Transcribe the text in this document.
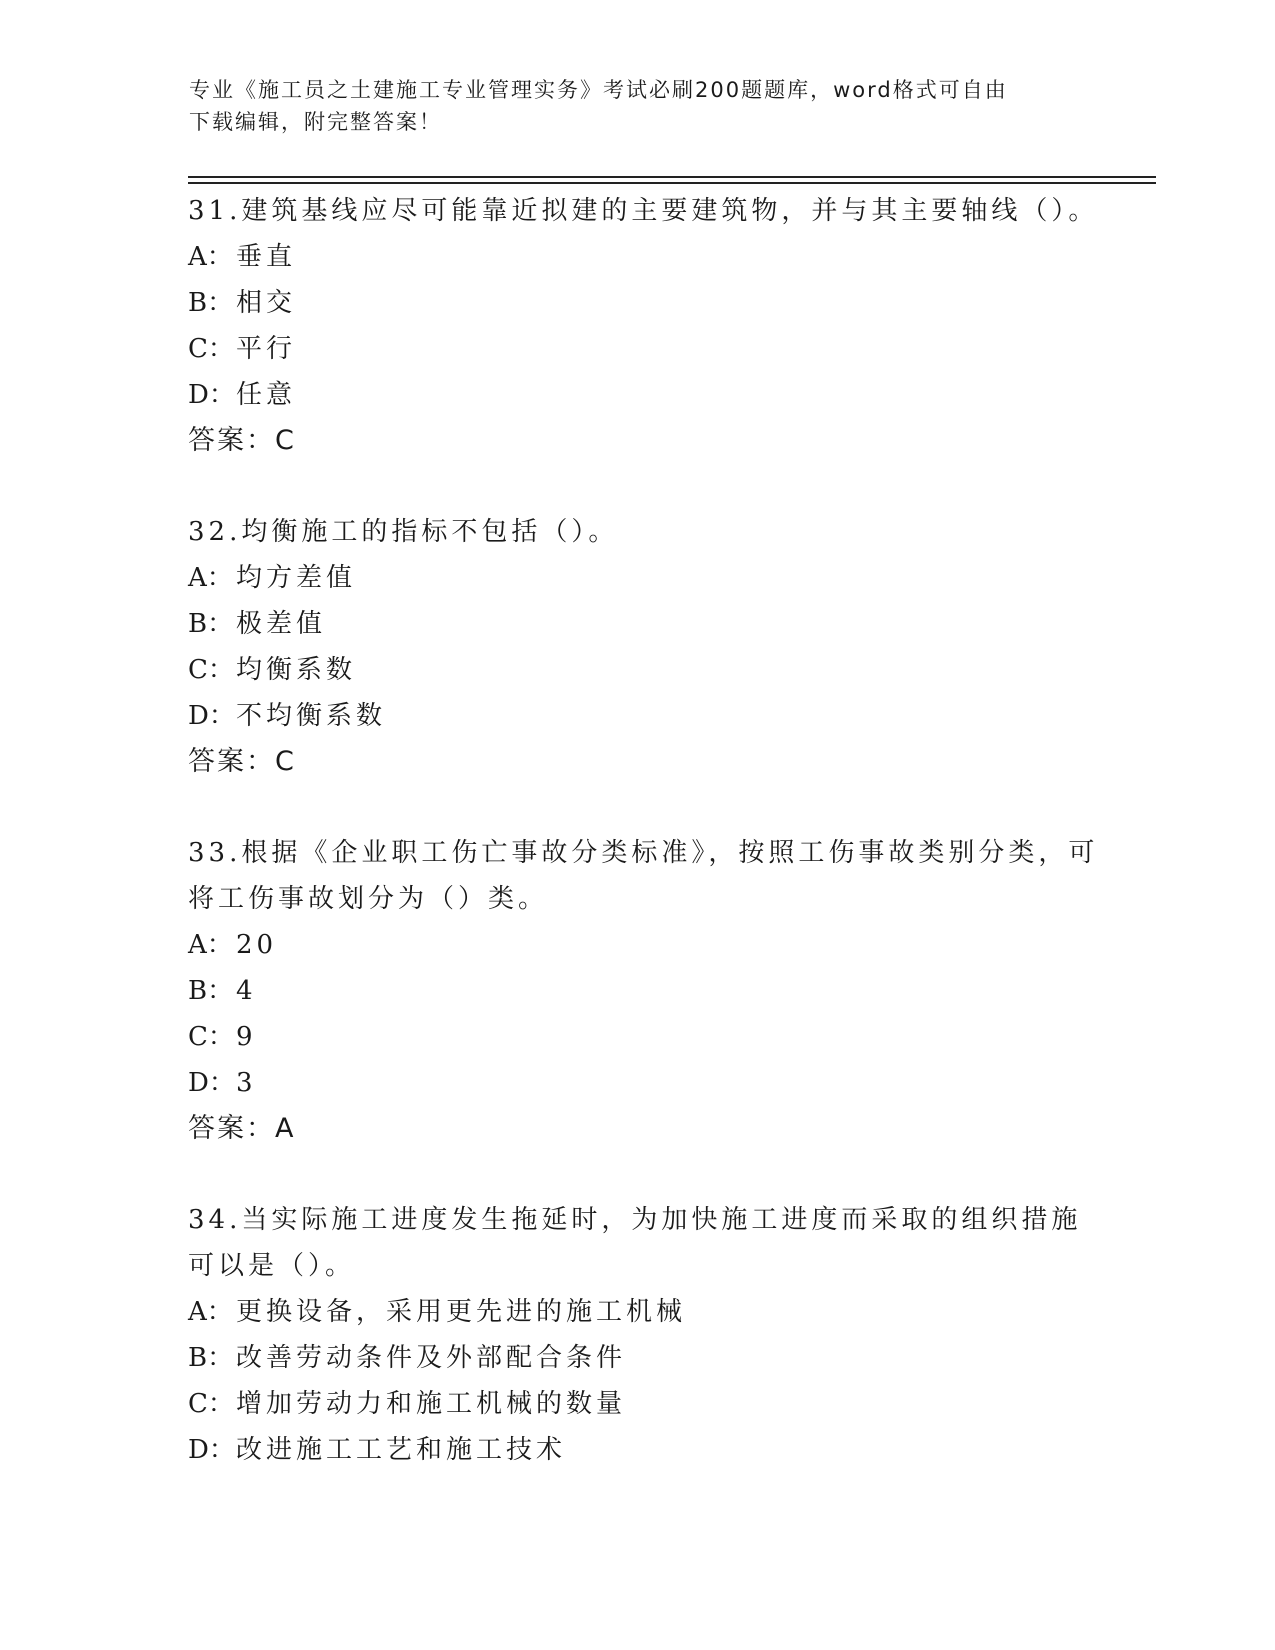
专业《施工员之土建施工专业管理实务》考试必刷200题题库，word格式可自由
下载编辑，附完整答案！
31.建筑基线应尽可能靠近拟建的主要建筑物，并与其主要轴线（）。
A： 垂直
B： 相交
C：平行
D：任意
答案：C
32.均衡施工的指标不包括（）。
A： 均方差值
B： 极差值
C：均衡系数
D：不均衡系数
答案：C
33.根据《企业职工伤亡事故分类标准》，按照工伤事故类别分类，可将工伤事故划分为（）类。
A： 20
B： 4
C：9
D：3
答案：A
34.当实际施工进度发生拖延时，为加快施工进度而采取的组织措施可以是（）。
A： 更换设备，采用更先进的施工机械
B： 改善劳动条件及外部配合条件
C：增加劳动力和施工机械的数量
D：改进施工工艺和施工技术
